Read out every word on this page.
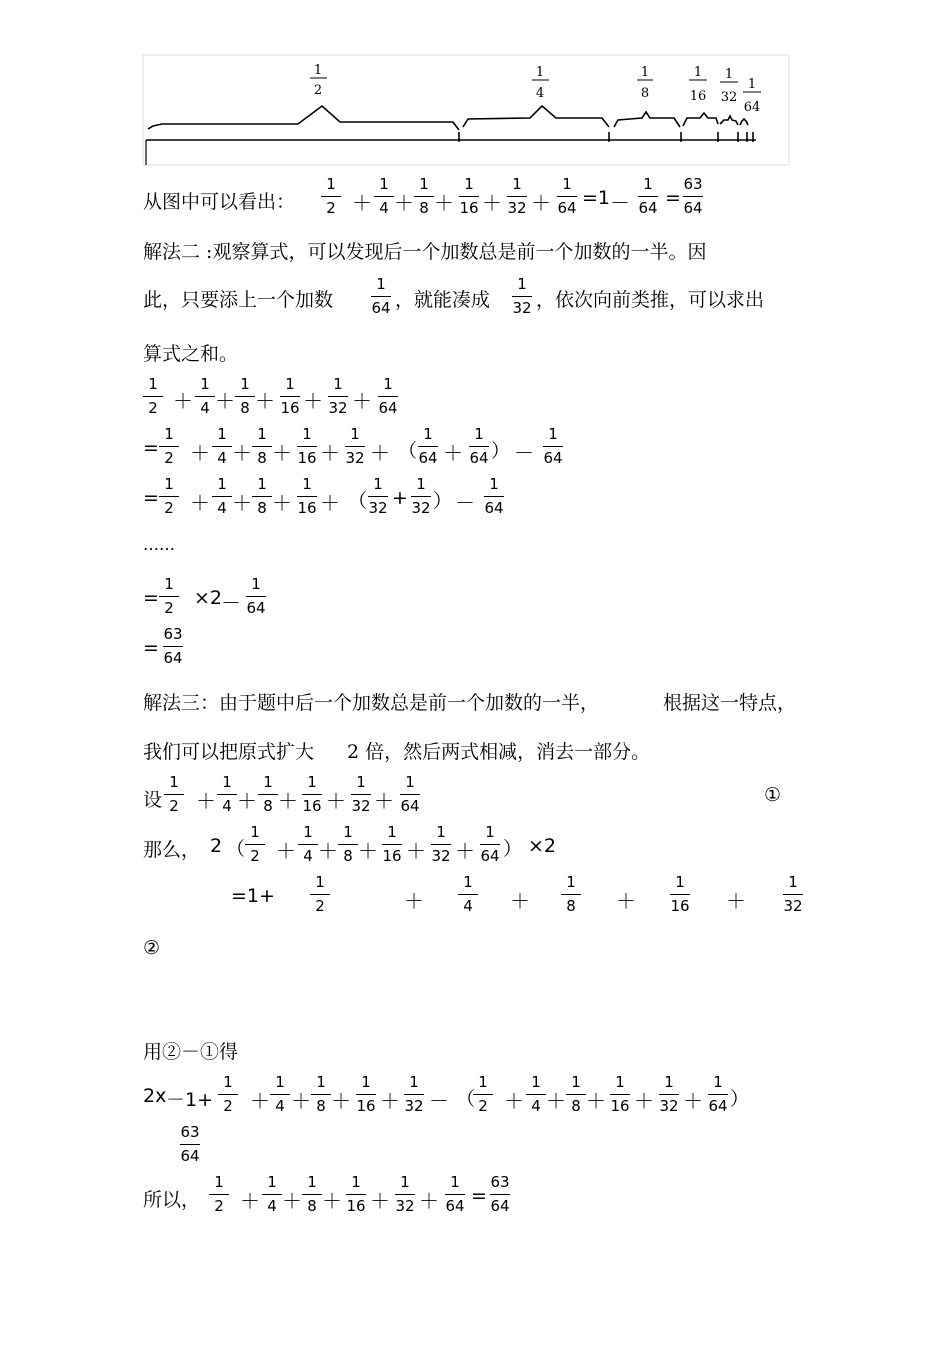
1
2
1
4
1
8
1
16
1
32
1
64
从图中可以看出：
1
2 ＋
1
4 ＋
1
8 ＋
1
16 ＋
1
32 ＋
1
64 =1 －
1
64 =
63
64
解法二 :观察算式，可以发现后一个加数总是前一个加数的一半。因
此，只要添上一个加数
1
64 ，就能凑成
1
32 ，依次向前类推，可以求出
算式之和。
1
2 ＋
1
4 ＋
1
8 ＋
1
16 ＋
1
32 ＋
1
64
=
1
2 ＋
1
4 ＋
1
8 ＋
1
16 ＋
1
32 ＋ （
1
64 ＋
1
64 ） －
1
64
=
1
2 ＋
1
4 ＋
1
8 ＋
1
16 ＋ （
1
32 +
1
32 ） －
1
64
……
=
1
2	×2
－
1
64
=
63
64
解法三：由于题中后一个加数总是前一个加数的一半，	根据这一特点，
我们可以把原式扩大 2 倍，然后两式相减，消去一部分。
设
1
2 ＋
1
4 ＋
1
8 ＋
1
16 ＋
1
32 ＋
1
64	①
那么， 2 （
1
2 ＋
1
4 ＋
1
8 ＋
1
16 ＋
1
32 ＋
1
64 ） ×2
=1+
1
2	＋
1
4	＋
1
8	＋
1
16 ＋
1
32
②
用②－①得
2x －1+
1
2 ＋
1
4 ＋
1
8 ＋
1
16 ＋
1
32 － （
1
2 ＋
1
4 ＋
1
8 ＋
1
16 ＋
1
32 ＋
1
64 ）
63
64
所以，
1
2 ＋
1
4 ＋
1
8 ＋
1
16 ＋
1
32 ＋
1
64 =
63
64
